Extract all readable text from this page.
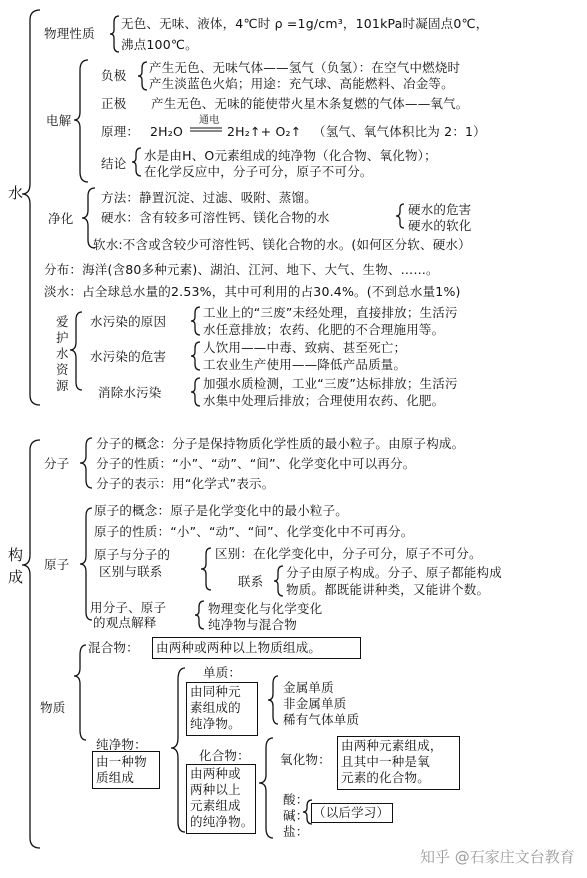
水
物理性质
无色、无味、液体，4℃时 ρ =1g/cm³，101kPa时凝固点0℃，
沸点100℃。
电解
负极
产生无色、无味气体——氢气（负氢）：在空气中燃烧时
产生淡蓝色火焰；用途：充气球、高能燃料、冶金等。
正极 产生无色、无味的能使带火星木条复燃的气体——氧气。
原理： 2H₂O
通电
2H₂↑+ O₂↑ （氢气、氧气体积比为 2：1）
结论
水是由H、O元素组成的纯净物（化合物、氧化物）；
在化学反应中，分子可分，原子不可分。
净化
方法：静置沉淀、过滤、吸附、蒸馏。
硬水：含有较多可溶性钙、镁化合物的水
硬水的危害
硬水的软化
软水:不含或含较少可溶性钙、镁化合物的水。(如何区分软、硬水）
分布：海洋(含80多种元素)、湖泊、江河、地下、大气、生物、……。
淡水：占全球总水量的2.53%，其中可利用的占30.4%。(不到总水量1%)
爱
护
水
资
源
水污染的原因
工业上的“三废”未经处理，直接排放；生活污
水任意排放；农药、化肥的不合理施用等。
水污染的危害
人饮用——中毒、致病、甚至死亡；
工农业生产使用——降低产品质量。
消除水污染
加强水质检测，工业“三废”达标排放；生活污
水集中处理后排放；合理使用农药、化肥。
构
成
分子
分子的概念：分子是保持物质化学性质的最小粒子。由原子构成。
分子的性质：“小”、“动”、“间”、化学变化中可以再分。
分子的表示：用“化学式”表示。
原子
原子的概念：原子是化学变化中的最小粒子。
原子的性质：“小”、“动”、“间”、化学变化中不可再分。
原子与分子的
区别与联系
区别：在化学变化中，分子可分，原子不可分。
联系
分子由原子构成。分子、原子都能构成
物质。都既能讲种类，又能讲个数。
用分子、原子
的观点解释
物理变化与化学变化
纯净物与混合物
物质
混合物： 由两种或两种以上物质组成。
纯净物：
由一种物
质组成
单质：
由同种元
素组成的
纯净物。
金属单质
非金属单质
稀有气体单质
化合物：
由两种或
两种以上
元素组成
的纯净物。
氧化物：
由两种元素组成，
且其中一种是氧
元素的化合物。
酸：
碱：
盐：
（以后学习）
知乎 @石家庄文台教育
